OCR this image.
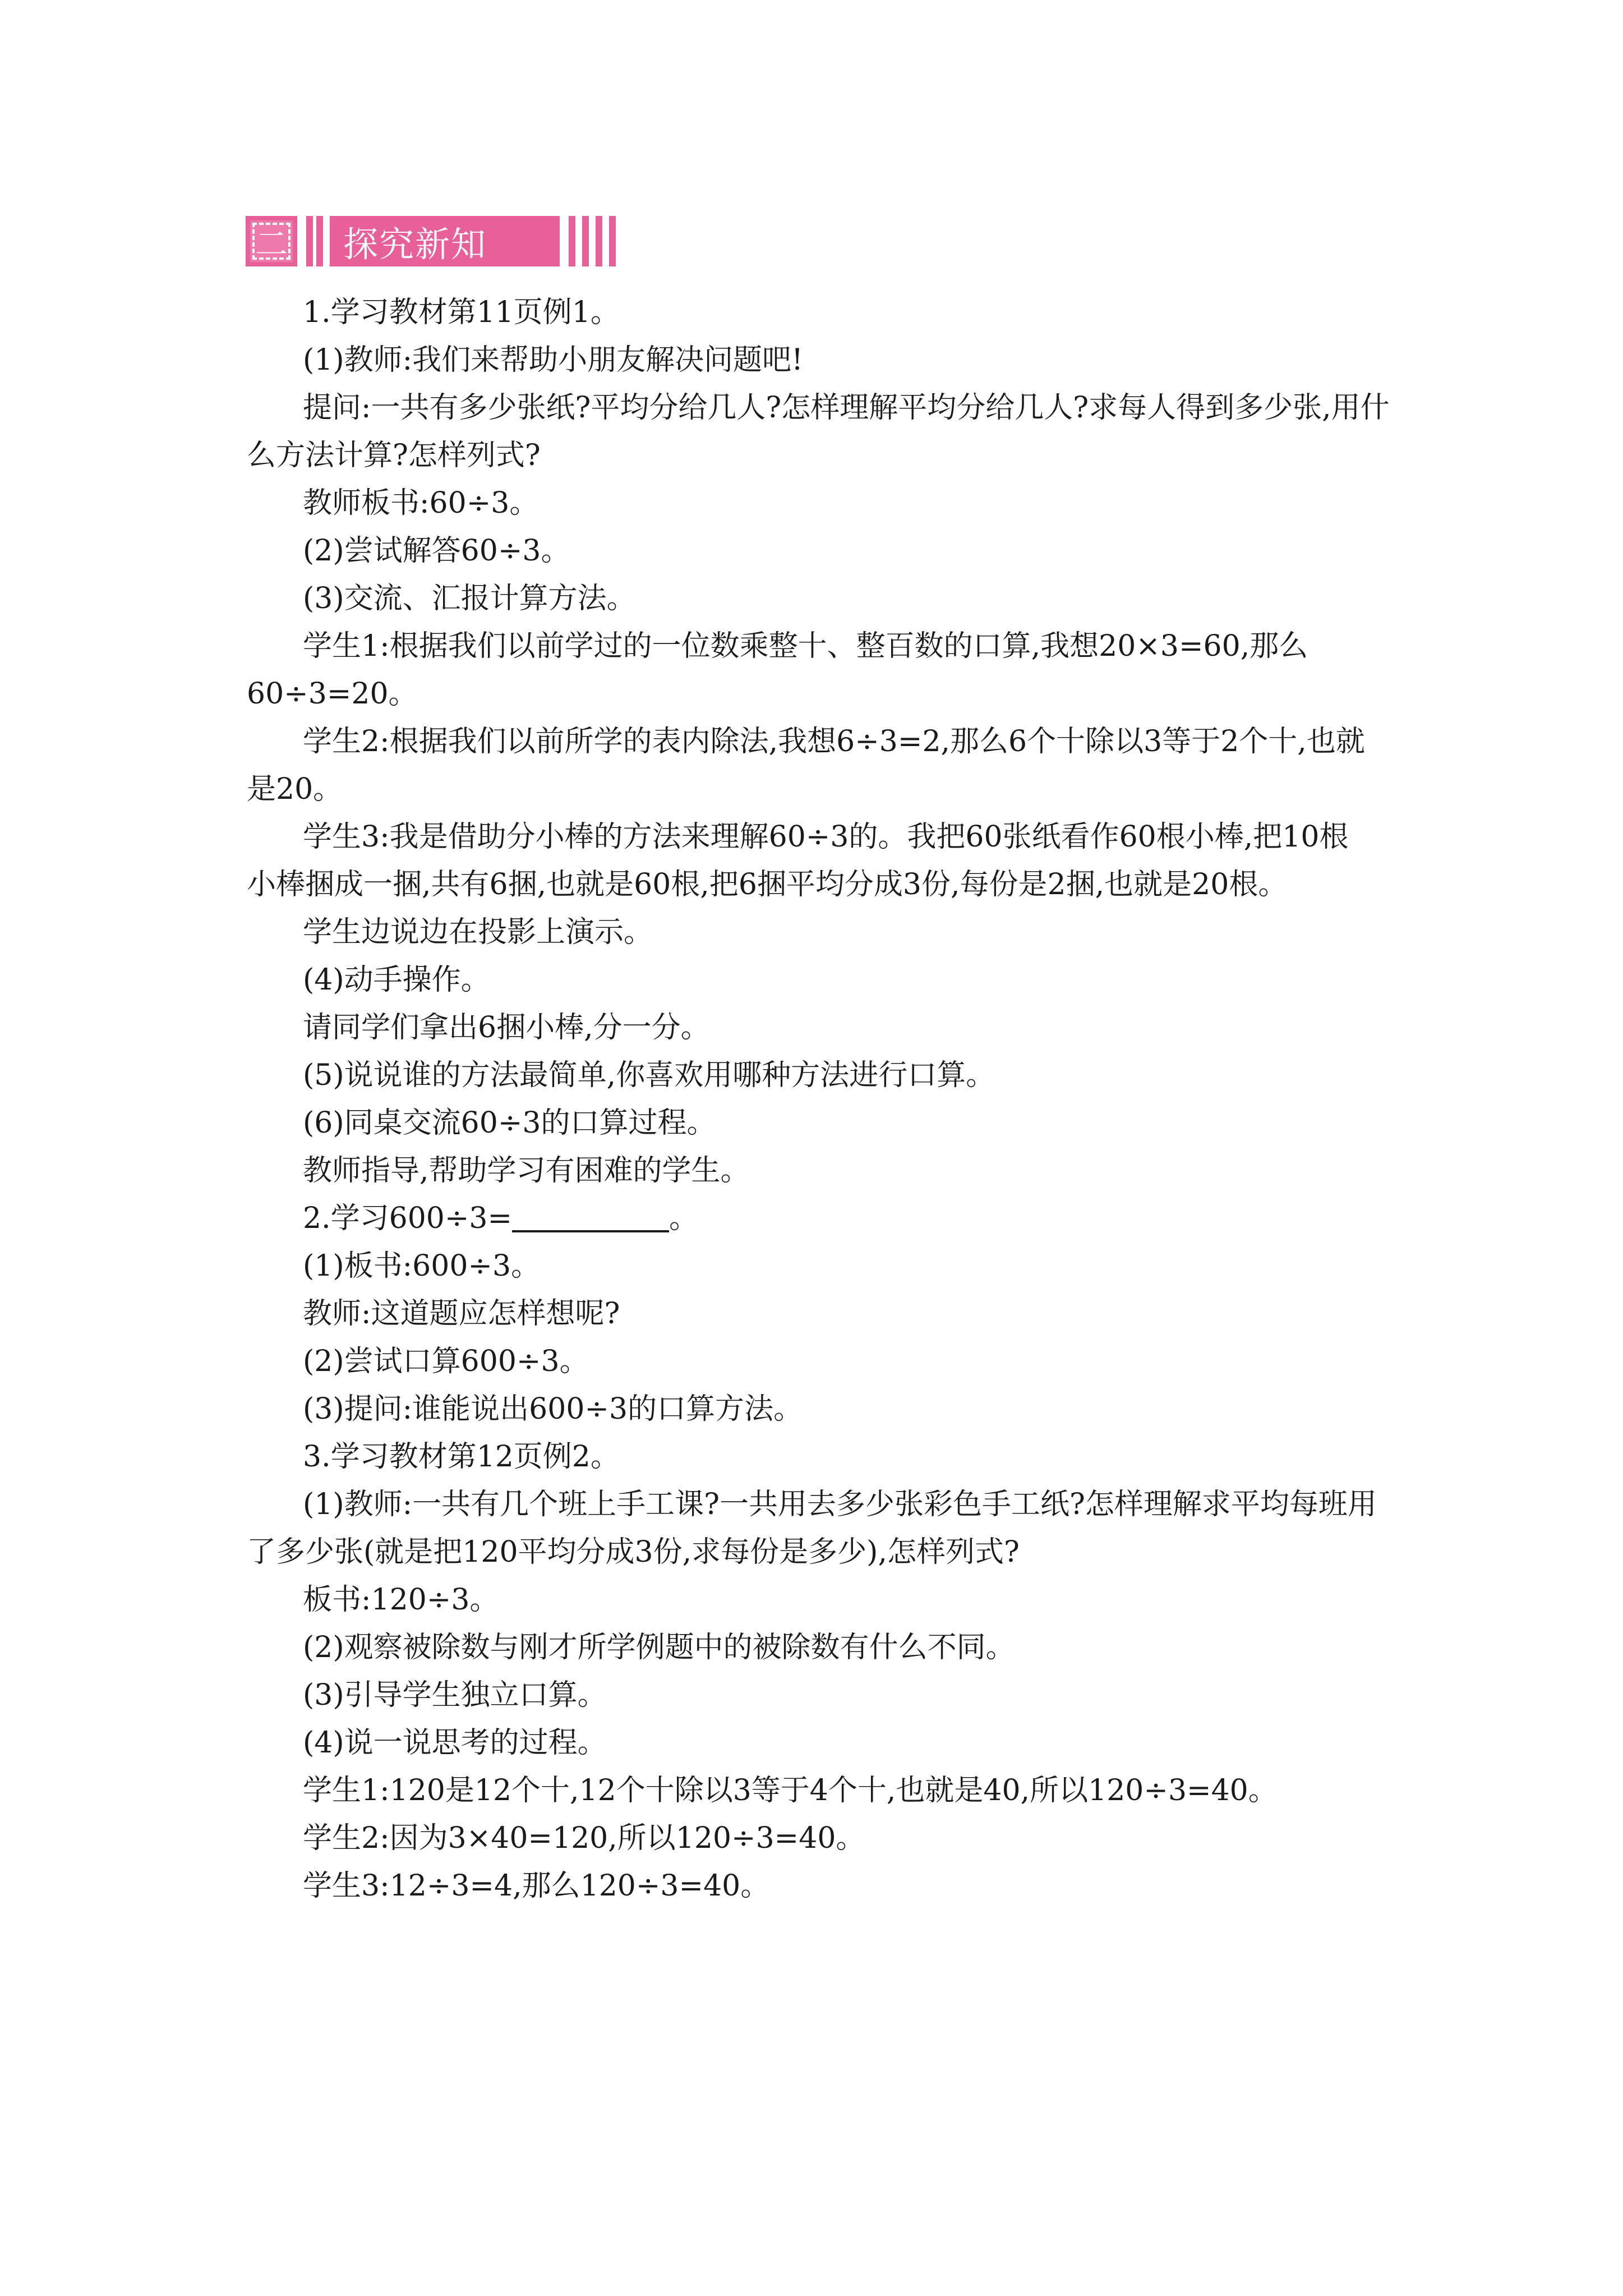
二 探究新知
1.学习教材第11页例1。
(1)教师:我们来帮助小朋友解决问题吧!
提问:一共有多少张纸?平均分给几人?怎样理解平均分给几人?求每人得到多少张,用什
么方法计算?怎样列式?
教师板书:60÷3。
(2)尝试解答60÷3。
(3)交流、汇报计算方法。
学生1:根据我们以前学过的一位数乘整十、整百数的口算,我想20×3=60,那么
60÷3=20。
学生2:根据我们以前所学的表内除法,我想6÷3=2,那么6个十除以3等于2个十,也就
是20。
学生3:我是借助分小棒的方法来理解60÷3的。我把60张纸看作60根小棒,把10根
小棒捆成一捆,共有6捆,也就是60根,把6捆平均分成3份,每份是2捆,也就是20根。
学生边说边在投影上演示。
(4)动手操作。
请同学们拿出6捆小棒,分一分。
(5)说说谁的方法最简单,你喜欢用哪种方法进行口算。
(6)同桌交流60÷3的口算过程。
教师指导,帮助学习有困难的学生。
2.学习600÷3=	。
(1)板书:600÷3。
教师:这道题应怎样想呢?
(2)尝试口算600÷3。
(3)提问:谁能说出600÷3的口算方法。
3.学习教材第12页例2。
(1)教师:一共有几个班上手工课?一共用去多少张彩色手工纸?怎样理解求平均每班用
了多少张(就是把120平均分成3份,求每份是多少),怎样列式?
板书:120÷3。
(2)观察被除数与刚才所学例题中的被除数有什么不同。
(3)引导学生独立口算。
(4)说一说思考的过程。
学生1:120是12个十,12个十除以3等于4个十,也就是40,所以120÷3=40。
学生2:因为3×40=120,所以120÷3=40。
学生3:12÷3=4,那么120÷3=40。
